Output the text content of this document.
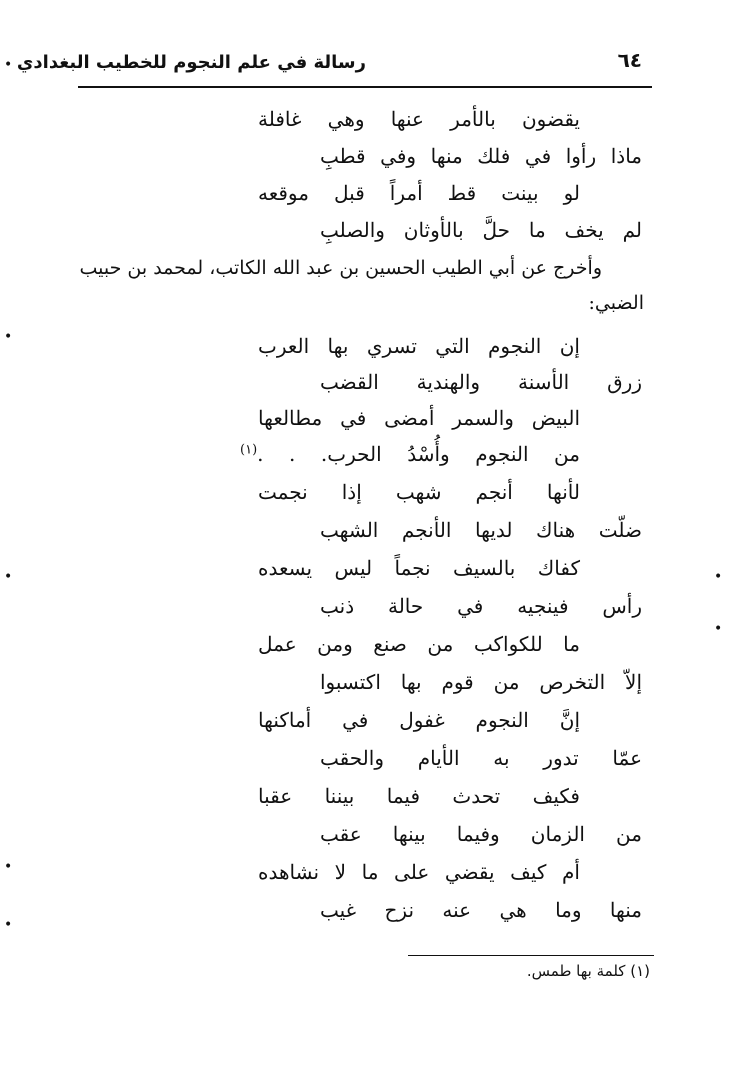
رسالة في علم النجوم للخطيب البغدادي	٦٤
يقضون بالأمر عنها وهي غافلة
ماذا رأوا في فلك منها وفي قطبِ
لو بينت قط أمراً قبل موقعه
لم يخف ما حلَّ بالأوثان والصلبِ
وأخرج عن أبي الطيب الحسين بن عبد الله الكاتب، لمحمد بن حبيب
الضبي:
إن النجوم التي تسري بها العرب
زرق الأسنة والهندية القضب
البيض والسمر أمضى في مطالعها
من النجوم وأُسْدُ الحرب. . .$^{(١)}$
لأنها أنجم شهب إذا نجمت
ضلّت هناك لديها الأنجم الشهب
كفاك بالسيف نجماً ليس يسعده
رأس فينجيه في حالة ذنب
ما للكواكب من صنع ومن عمل
إلاّ التخرص من قوم بها اكتسبوا
إنَّ النجوم غفول في أماكنها
عمّا تدور به الأيام والحقب
فكيف تحدث فيما بيننا عقبا
من الزمان وفيما بينها عقب
أم كيف يقضي على ما لا نشاهده
منها وما هي عنه نزح غيب
(١) كلمة بها طمس.
•
•
•	•
•
•
•
